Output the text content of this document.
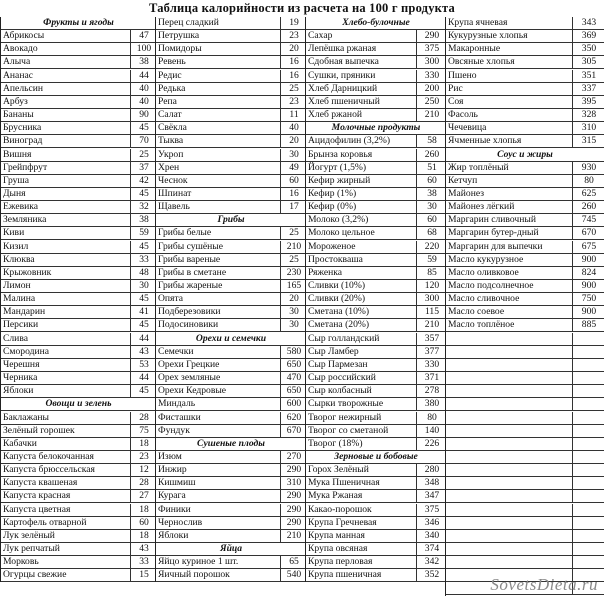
Таблица калорийности из расчета на 100 г продукта
Фрукты и ягоды
Абрикосы	47
Авокадо	100
Алыча	38
Ананас	44
Апельсин	40
Арбуз	40
Бананы	90
Брусника	45
Виноград	70
Вишня	25
Грейпфрут	37
Груша	42
Дыня	45
Ежевика	32
Земляника	38
Киви	59
Кизил	45
Клюква	33
Крыжовник	48
Лимон	30
Малина	45
Мандарин	41
Персики	45
Слива	44
Смородина	43
Черешня	53
Черника	44
Яблоки	45
Овощи и зелень
Баклажаны	28
Зелёный горошек	75
Кабачки	18
Капуста белокочанная	23
Капуста брюссельская	12
Капуста квашеная	28
Капуста красная	27
Капуста цветная	18
Картофель отварной	60
Лук зелёный	18
Лук репчатый	43
Морковь	33
Огурцы свежие	15
Перец сладкий	19
Петрушка	23
Помидоры	20
Ревень	16
Редис	16
Редька	25
Репа	23
Салат	11
Свёкла	40
Тыква	20
Укроп	30
Хрен	49
Чеснок	60
Шпинат	16
Щавель	17
Грибы
Грибы белые	25
Грибы сушёные	210
Грибы вареные	25
Грибы в сметане	230
Грибы жареные	165
Опята	20
Подберезовики	30
Подосиновики	30
Орехи и семечки
Семечки	580
Орехи Грецкие	650
Орех земляные	470
Орехи Кедровые	650
Миндаль	600
Фисташки	620
Фундук	670
Сушеные плоды
Изюм	270
Инжир	290
Кишмиш	310
Курага	290
Финики	290
Чернослив	290
Яблоки	210
Яйца
Яйцо куриное 1 шт.	65
Яичный порошок	540
Хлебо-булочные
Сахар	290
Лепёшка ржаная	375
Сдобная выпечка	300
Сушки, пряники	330
Хлеб Дарницкий	200
Хлеб пшеничный	250
Хлеб ржаной	210
Молочные продукты
Ацидофилин (3,2%)	58
Брынза коровья	260
Йогурт (1,5%)	51
Кефир жирный	60
Кефир (1%)	38
Кефир (0%)	30
Молоко (3,2%)	60
Молоко цельное	68
Мороженое	220
Простокваша	59
Ряженка	85
Сливки (10%)	120
Сливки (20%)	300
Сметана (10%)	115
Сметана (20%)	210
Сыр голландский	357
Сыр Ламбер	377
Сыр Пармезан	330
Сыр российский	371
Сыр колбасный	278
Сырки творожные	380
Творог нежирный	80
Творог со сметаной	140
Творог (18%)	226
Зерновые и бобовые
Горох Зелёный	280
Мука Пшеничная	348
Мука Ржаная	347
Какао-порошок	375
Крупа Гречневая	346
Крупа манная	340
Крупа овсяная	374
Крупа перловая	342
Крупа пшеничная	352
Крупа ячневая	343
Кукурузные хлопья	369
Макаронные	350
Овсяные хлопья	305
Пшено	351
Рис	337
Соя	395
Фасоль	328
Чечевица	310
Ячменные хлопья	315
Соус и жиры
Жир топлёный	930
Кетчуп	80
Майонез	625
Майонез лёгкий	260
Маргарин сливочный	745
Маргарин бутер-дный	670
Маргарин для выпечки	675
Масло кукурузное	900
Масло оливковое	824
Масло подсолнечное	900
Масло сливочное	750
Масло соевое	900
Масло топлёное	885
SovetsDieta.ru
